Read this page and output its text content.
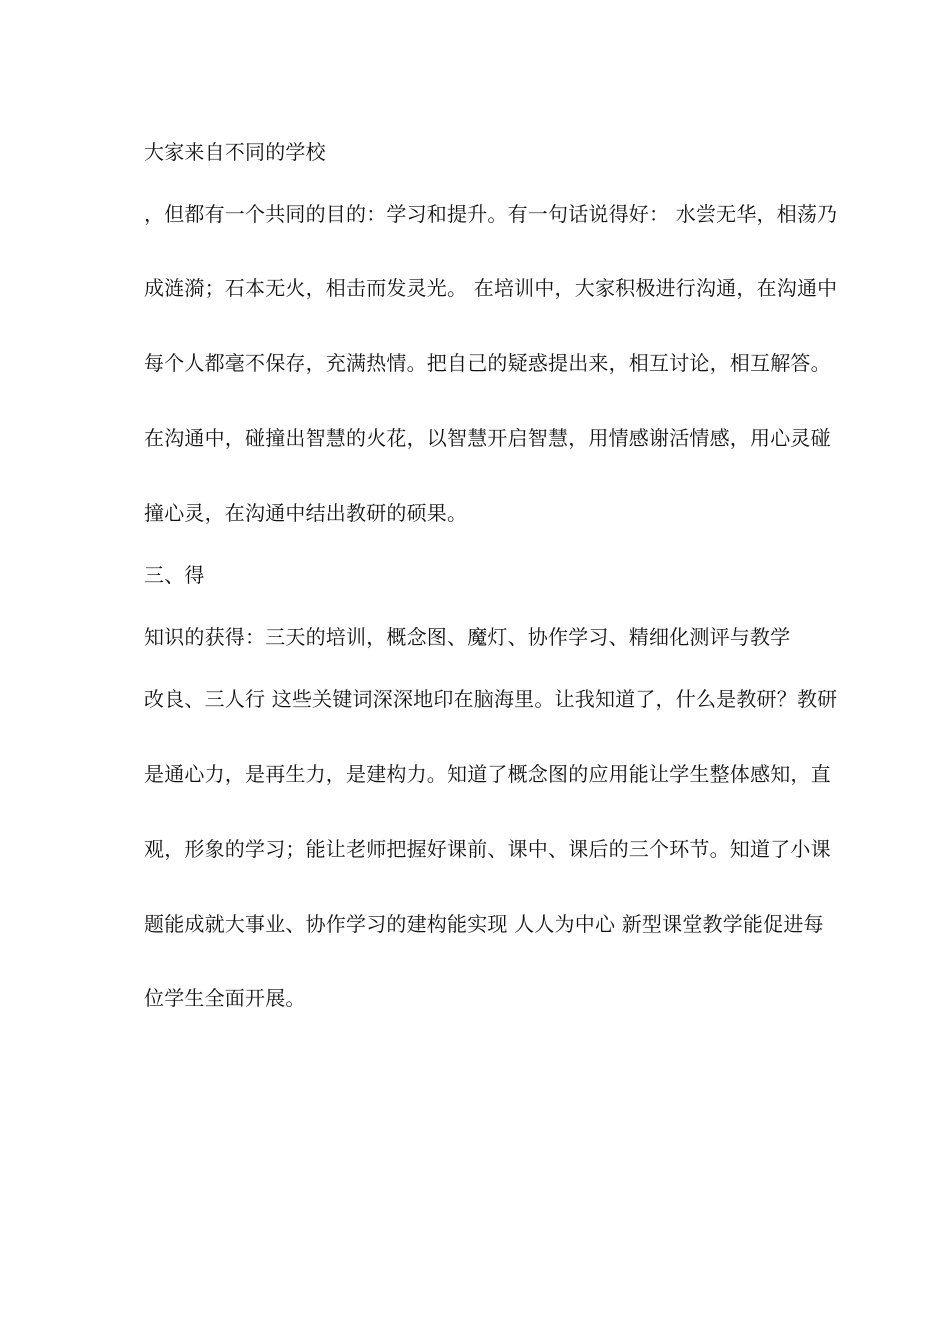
大家来自不同的学校
，但都有一个共同的目的：学习和提升。有一句话说得好： 水尝无华，相荡乃
成涟漪；石本无火，相击而发灵光。 在培训中，大家积极进行沟通，在沟通中
每个人都毫不保存，充满热情。把自己的疑惑提出来，相互讨论，相互解答。
在沟通中，碰撞出智慧的火花，以智慧开启智慧，用情感谢活情感，用心灵碰
撞心灵，在沟通中结出教研的硕果。
三、得
知识的获得：三天的培训，概念图、魔灯、协作学习、精细化测评与教学
改良、三人行 这些关键词深深地印在脑海里。让我知道了，什么是教研？教研
是通心力，是再生力，是建构力。知道了概念图的应用能让学生整体感知，直
观，形象的学习；能让老师把握好课前、课中、课后的三个环节。知道了小课
题能成就大事业、协作学习的建构能实现 人人为中心 新型课堂教学能促进每
位学生全面开展。
